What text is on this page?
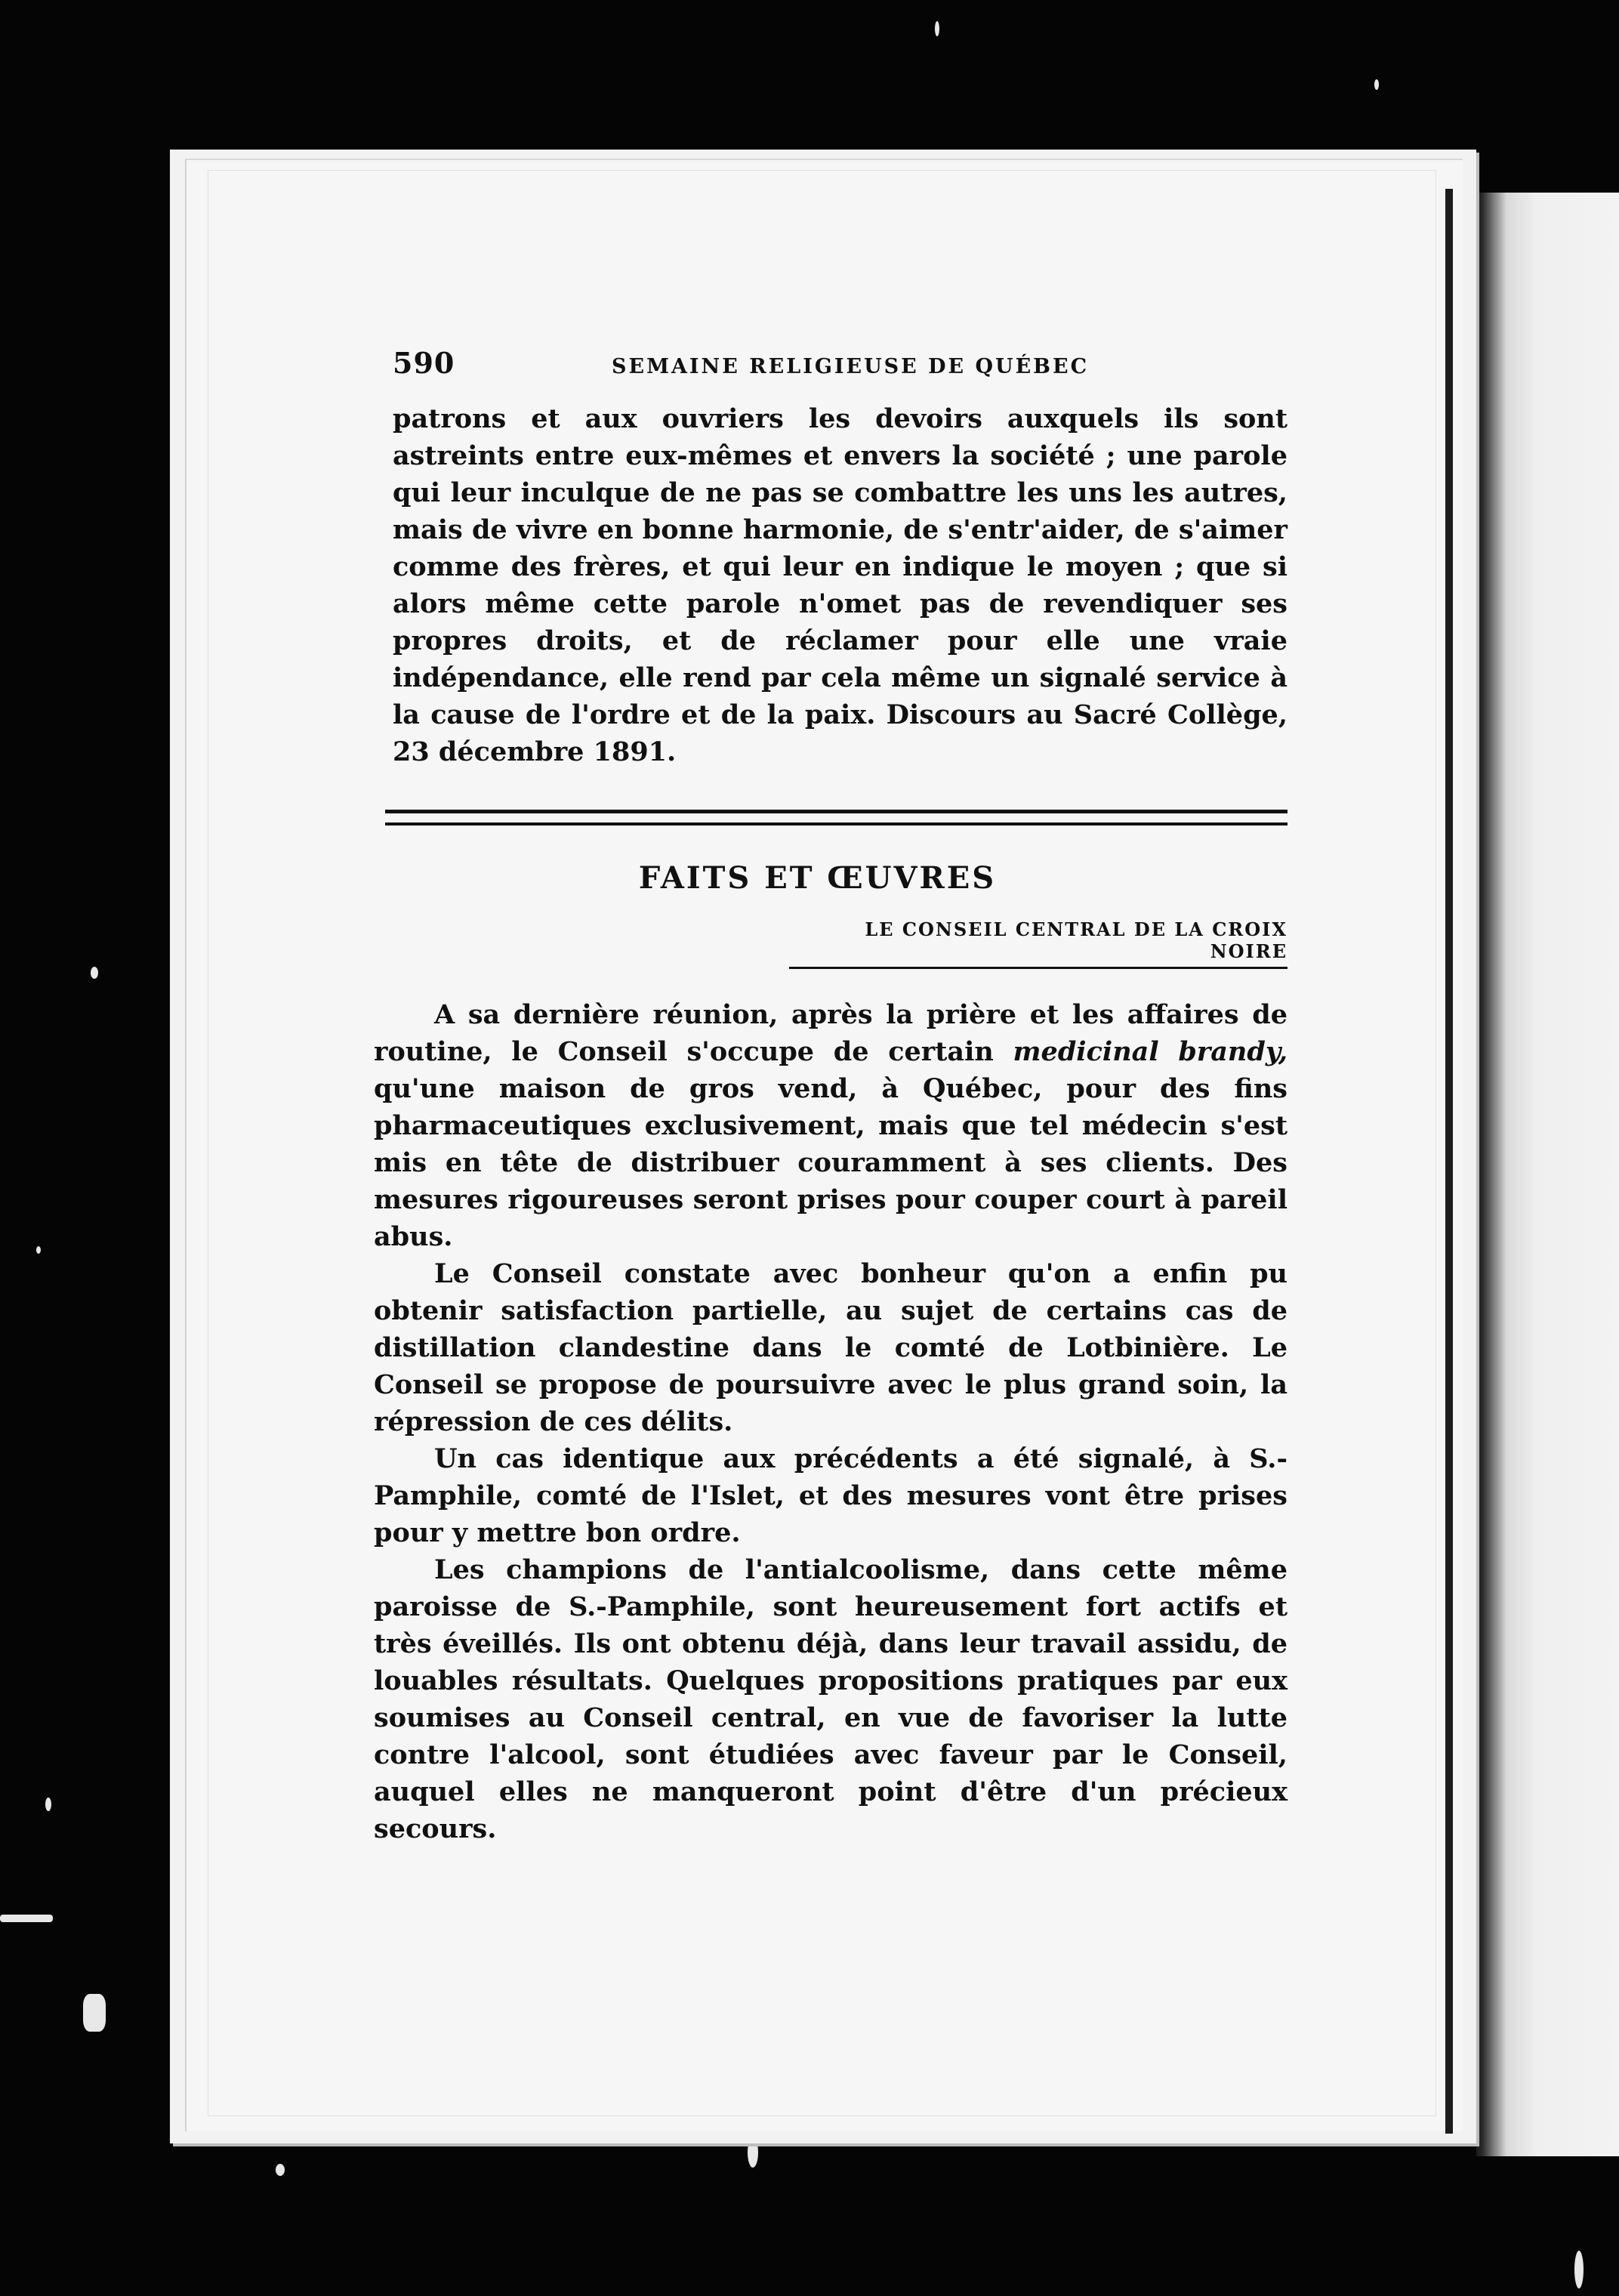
590	SEMAINE RELIGIEUSE DE QUÉBEC

patrons et aux ouvriers les devoirs auxquels ils sont astreints entre eux-mêmes et envers la société ; une parole qui leur inculque de ne pas se combattre les uns les autres, mais de vivre en bonne harmonie, de s'entr'aider, de s'aimer comme des frères, et qui leur en indique le moyen ; que si alors même cette parole n'omet pas de revendiquer ses propres droits, et de réclamer pour elle une vraie indépendance, elle rend par cela même un signalé service à la cause de l'ordre et de la paix. Discours au Sacré Collège, 23 décembre 1891.

FAITS ET ŒUVRES
LE CONSEIL CENTRAL DE LA CROIX NOIRE

A sa dernière réunion, après la prière et les affaires de routine, le Conseil s'occupe de certain medicinal brandy, qu'une maison de gros vend, à Québec, pour des fins pharmaceutiques exclusivement, mais que tel médecin s'est mis en tête de distribuer couramment à ses clients. Des mesures rigoureuses seront prises pour couper court à pareil abus.

Le Conseil constate avec bonheur qu'on a enfin pu obtenir satisfaction partielle, au sujet de certains cas de distillation clandestine dans le comté de Lotbinière. Le Conseil se propose de poursuivre avec le plus grand soin, la répression de ces délits.

Un cas identique aux précédents a été signalé, à S.-Pamphile, comté de l'Islet, et des mesures vont être prises pour y mettre bon ordre.

Les champions de l'antialcoolisme, dans cette même paroisse de S.-Pamphile, sont heureusement fort actifs et très éveillés. Ils ont obtenu déjà, dans leur travail assidu, de louables résultats. Quelques propositions pratiques par eux soumises au Conseil central, en vue de favoriser la lutte contre l'alcool, sont étudiées avec faveur par le Conseil, auquel elles ne manqueront point d'être d'un précieux secours.
